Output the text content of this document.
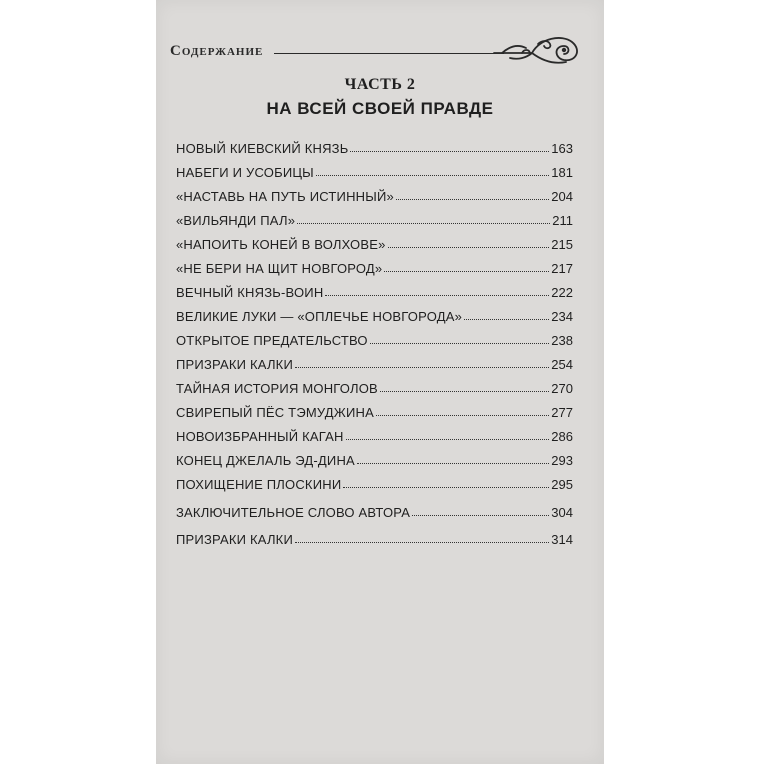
Содержание
ЧАСТЬ 2
НА ВСЕЙ СВОЕЙ ПРАВДЕ
НОВЫЙ КИЕВСКИЙ КНЯЗЬ	163
НАБЕГИ И УСОБИЦЫ	181
«НАСТАВЬ НА ПУТЬ ИСТИННЫЙ»	204
«ВИЛЬЯНДИ ПАЛ»	211
«НАПОИТЬ КОНЕЙ В ВОЛХОВЕ»	215
«НЕ БЕРИ НА ЩИТ НОВГОРОД»	217
ВЕЧНЫЙ КНЯЗЬ-ВОИН	222
ВЕЛИКИЕ ЛУКИ — «ОПЛЕЧЬЕ НОВГОРОДА»	234
ОТКРЫТОЕ ПРЕДАТЕЛЬСТВО	238
ПРИЗРАКИ КАЛКИ	254
ТАЙНАЯ ИСТОРИЯ МОНГОЛОВ	270
СВИРЕПЫЙ ПЁС ТЭМУДЖИНА	277
НОВОИЗБРАННЫЙ КАГАН	286
КОНЕЦ ДЖЕЛАЛЬ ЭД-ДИНА	293
ПОХИЩЕНИЕ ПЛОСКИНИ	295
ЗАКЛЮЧИТЕЛЬНОЕ СЛОВО АВТОРА	304
ПРИЗРАКИ КАЛКИ	314
